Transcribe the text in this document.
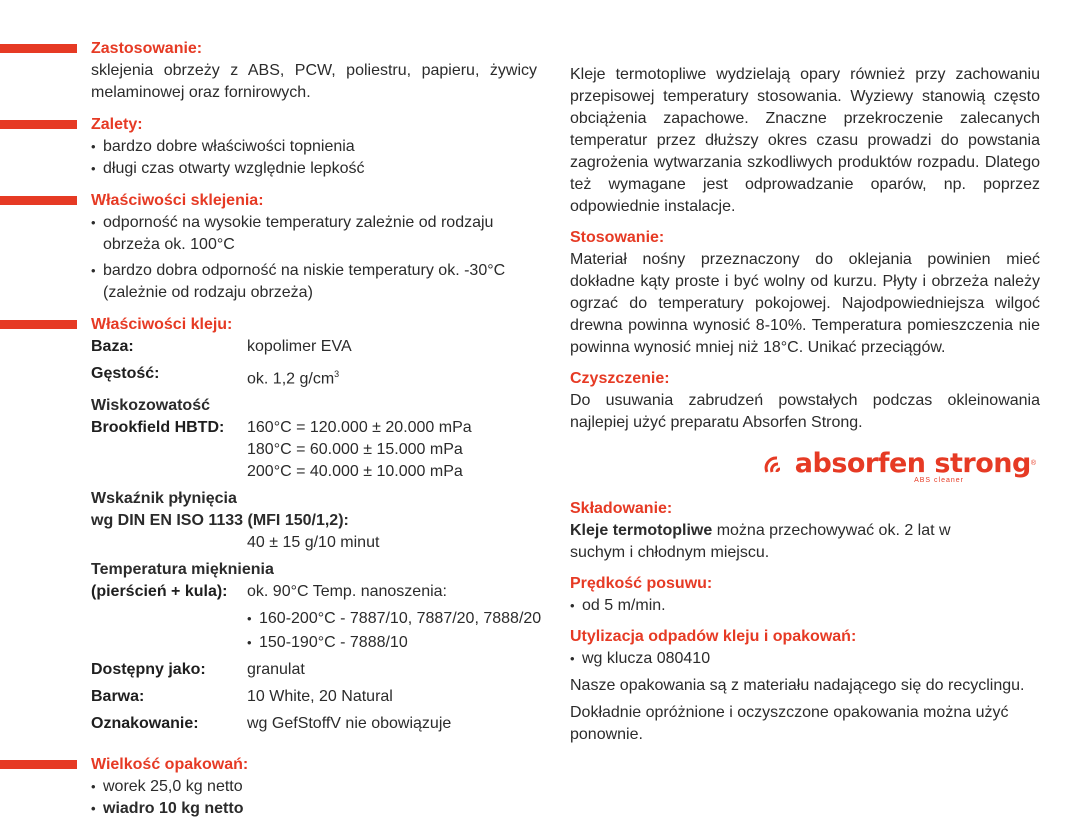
Zastosowanie:
sklejenia obrzeży z ABS, PCW, poliestru, papieru, żywicy melaminowej oraz fornirowych.
Zalety:
• bardzo dobre właściwości topnienia
• długi czas otwarty względnie lepkość
Właściwości sklejenia:
• odporność na wysokie temperatury zależnie od rodzaju obrzeża ok. 100°C
• bardzo dobra odporność na niskie temperatury ok. -30°C (zależnie od rodzaju obrzeża)
Właściwości kleju:
Baza:	kopolimer EVA
Gęstość:	ok. 1,2 $g/cm^3$
Wiskozowatość
Brookfield HBTD:	160°C = 120.000 ± 20.000 mPa
180°C = 60.000 ± 15.000 mPa
200°C = 40.000 ± 10.000 mPa
Wskaźnik płynięcia
wg DIN EN ISO 1133 (MFI 150/1,2):
40 ± 15 g/10 minut
Temperatura mięknienia
(pierścień + kula):	ok. 90°C Temp. nanoszenia:
• 160-200°C - 7887/10, 7887/20, 7888/20
• 150-190°C - 7888/10
Dostępny jako:	granulat
Barwa:	10 White, 20 Natural
Oznakowanie:	wg GefStoffV nie obowiązuje
Wielkość opakowań:
• worek 25,0 kg netto
• wiadro 10 kg netto

Kleje termotopliwe wydzielają opary również przy zachowaniu przepisowej temperatury stosowania. Wyziewy stanowią często obciążenia zapachowe. Znaczne przekroczenie zalecanych temperatur przez dłuższy okres czasu prowadzi do powstania zagrożenia wytwarzania szkodliwych produktów rozpadu. Dlatego też wymagane jest odprowadzanie oparów, np. poprzez odpowiednie instalacje.

Stosowanie:

Materiał nośny przeznaczony do oklejania powinien mieć dokładne kąty proste i być wolny od kurzu. Płyty i obrzeża należy ogrzać do temperatury pokojowej. Najodpowiedniejsza wilgoć drewna powinna wynosić 8-10%. Temperatura pomieszczenia nie powinna wynosić mniej niż 18°C. Unikać przeciągów.

Czyszczenie:

Do usuwania zabrudzeń powstałych podczas okleinowania najlepiej użyć preparatu Absorfen Strong.

absorfen strong ®
ABS cleaner
Składowanie:

Kleje termotopliwe można przechowywać ok. 2 lat w suchym i chłodnym miejscu.

Prędkość posuwu:
• od 5 m/min.
Utylizacja odpadów kleju i opakowań:
• wg klucza 080410

Nasze opakowania są z materiału nadającego się do recyclingu.

Dokładnie opróżnione i oczyszczone opakowania można użyć ponownie.
